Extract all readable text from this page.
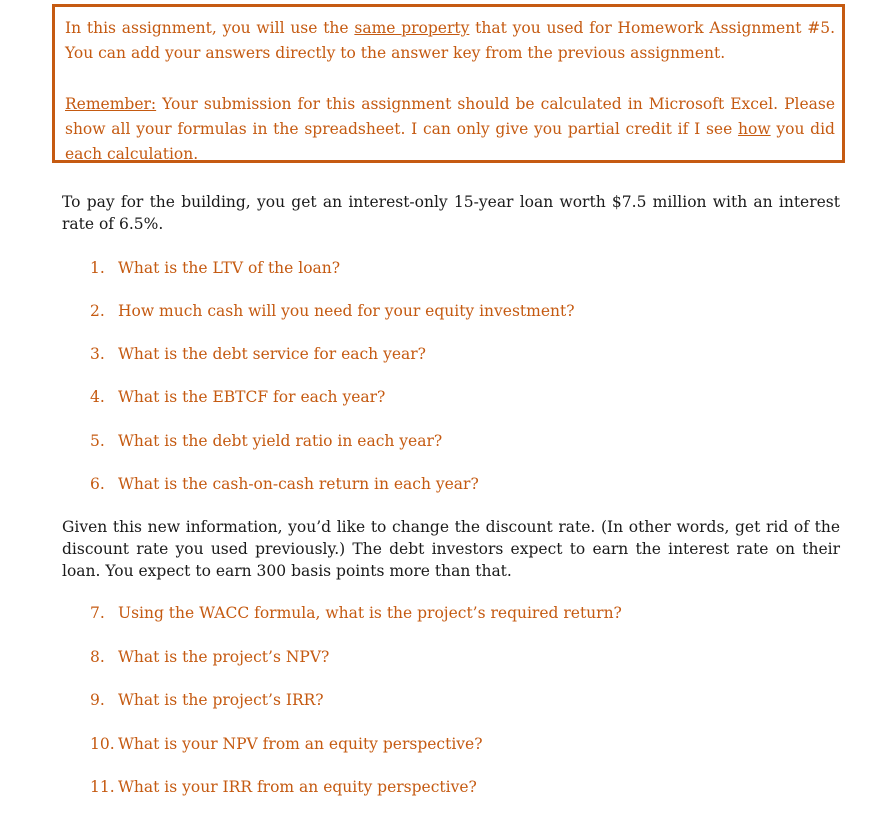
In this assignment, you will use the same property that you used for Homework Assignment #5. You can add your answers directly to the answer key from the previous assignment.

Remember: Your submission for this assignment should be calculated in Microsoft Excel. Please show all your formulas in the spreadsheet. I can only give you partial credit if I see how you did each calculation.

To pay for the building, you get an interest-only 15-year loan worth $7.5 million with an interest rate of 6.5%.

1. What is the LTV of the loan?
2. How much cash will you need for your equity investment?
3. What is the debt service for each year?
4. What is the EBTCF for each year?
5. What is the debt yield ratio in each year?
6. What is the cash-on-cash return in each year?

Given this new information, you’d like to change the discount rate. (In other words, get rid of the discount rate you used previously.) The debt investors expect to earn the interest rate on their loan. You expect to earn 300 basis points more than that.

7. Using the WACC formula, what is the project’s required return?
8. What is the project’s NPV?
9. What is the project’s IRR?
10. What is your NPV from an equity perspective?
11. What is your IRR from an equity perspective?
